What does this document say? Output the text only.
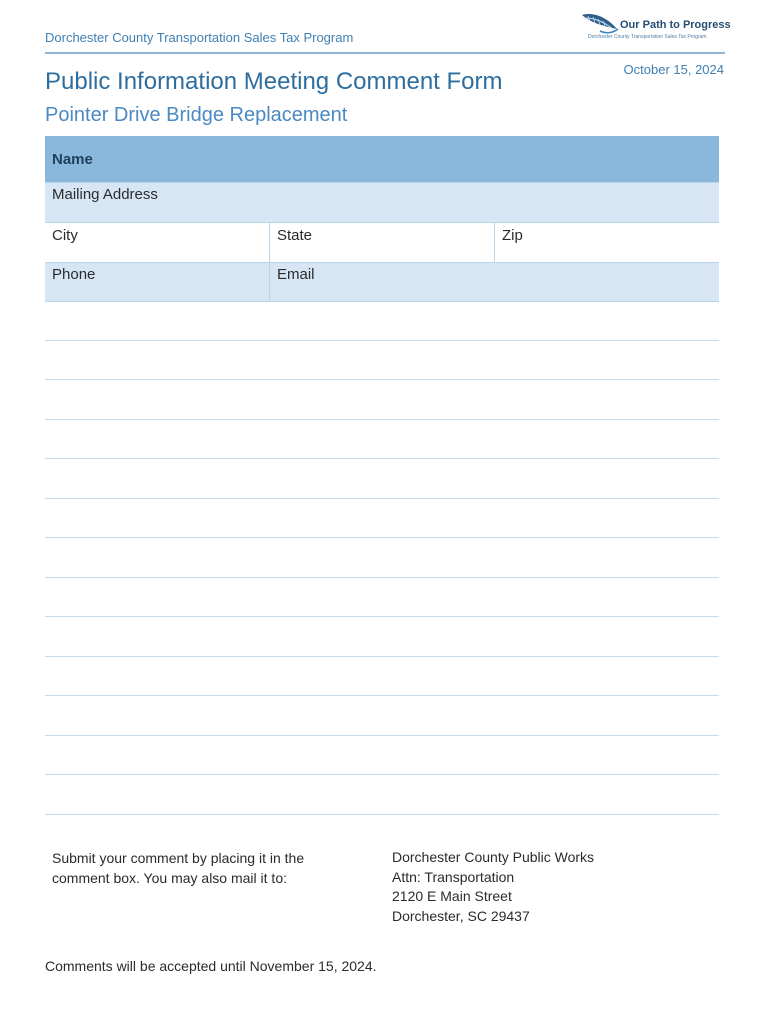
Dorchester County Transportation Sales Tax Program
Our Path to Progress
Dorchester County Transportation Sales Tax Program
October 15, 2024
Public Information Meeting Comment Form
Pointer Drive Bridge Replacement
Name
Mailing Address
City	State	Zip
Phone	Email
Submit your comment by placing it in the comment box. You may also mail it to:
Dorchester County Public Works
Attn: Transportation
2120 E Main Street
Dorchester, SC 29437
Comments will be accepted until November 15, 2024.
